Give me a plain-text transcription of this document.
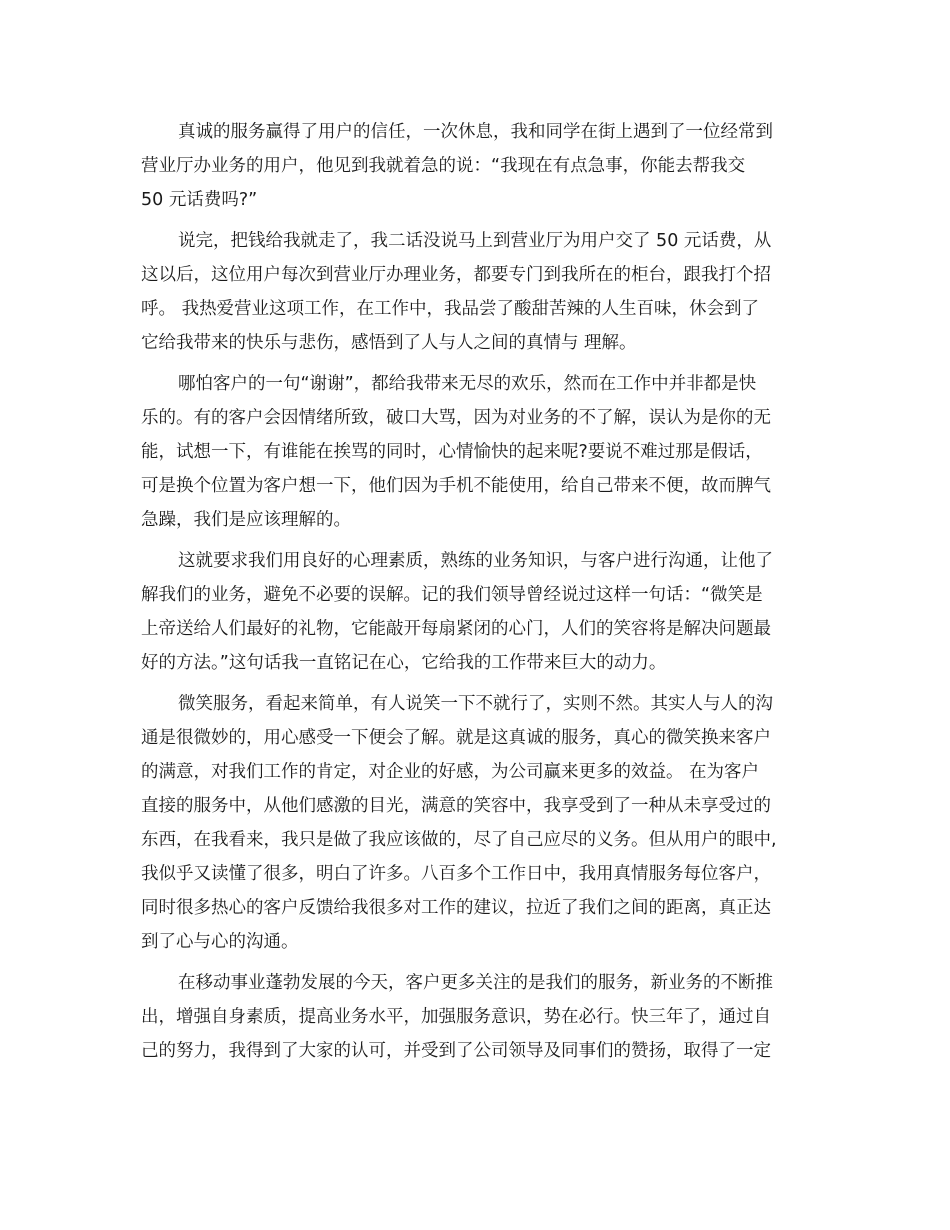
真诚的服务赢得了用户的信任，一次休息，我和同学在街上遇到了一位经常到
营业厅办业务的用户，他见到我就着急的说：“我现在有点急事，你能去帮我交
50 元话费吗?”
说完，把钱给我就走了，我二话没说马上到营业厅为用户交了 50 元话费，从
这以后，这位用户每次到营业厅办理业务，都要专门到我所在的柜台，跟我打个招
呼。 我热爱营业这项工作，在工作中，我品尝了酸甜苦辣的人生百味，休会到了
它给我带来的快乐与悲伤，感悟到了人与人之间的真情与 理解。
哪怕客户的一句“谢谢”，都给我带来无尽的欢乐，然而在工作中并非都是快
乐的。有的客户会因情绪所致，破口大骂，因为对业务的不了解，误认为是你的无
能，试想一下，有谁能在挨骂的同时，心情愉快的起来呢?要说不难过那是假话，
可是换个位置为客户想一下，他们因为手机不能使用，给自己带来不便，故而脾气
急躁，我们是应该理解的。
这就要求我们用良好的心理素质，熟练的业务知识，与客户进行沟通，让他了
解我们的业务，避免不必要的误解。记的我们领导曾经说过这样一句话：“微笑是
上帝送给人们最好的礼物，它能敲开每扇紧闭的心门，人们的笑容将是解决问题最
好的方法。”这句话我一直铭记在心，它给我的工作带来巨大的动力。
微笑服务，看起来简单，有人说笑一下不就行了，实则不然。其实人与人的沟
通是很微妙的，用心感受一下便会了解。就是这真诚的服务，真心的微笑换来客户
的满意，对我们工作的肯定，对企业的好感，为公司赢来更多的效益。 在为客户
直接的服务中，从他们感激的目光，满意的笑容中，我享受到了一种从未享受过的
东西，在我看来，我只是做了我应该做的，尽了自己应尽的义务。但从用户的眼中,
我似乎又读懂了很多，明白了许多。八百多个工作日中，我用真情服务每位客户，
同时很多热心的客户反馈给我很多对工作的建议，拉近了我们之间的距离，真正达
到了心与心的沟通。
在移动事业蓬勃发展的今天，客户更多关注的是我们的服务，新业务的不断推
出，增强自身素质，提高业务水平，加强服务意识，势在必行。快三年了，通过自
己的努力，我得到了大家的认可，并受到了公司领导及同事们的赞扬，取得了一定
